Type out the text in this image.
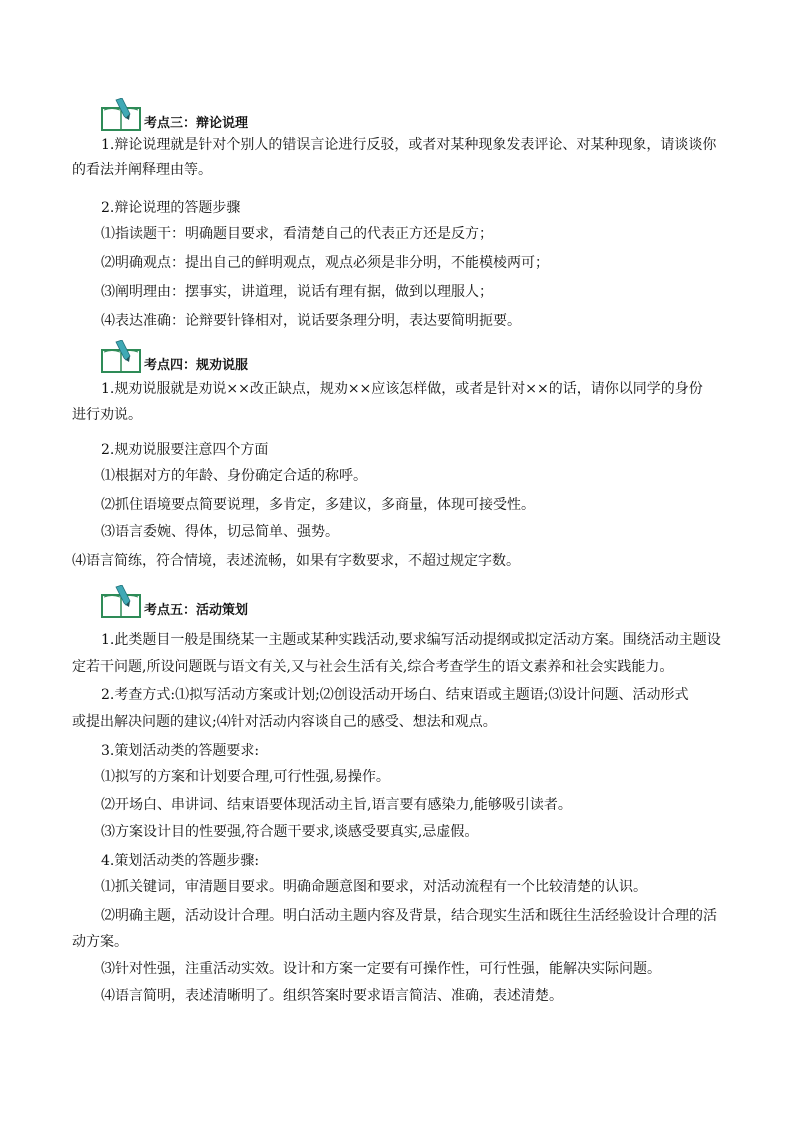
考点三：辩论说理
1.辩论说理就是针对个别人的错误言论进行反驳，或者对某种现象发表评论、对某种现象，请谈谈你
的看法并阐释理由等。
2.辩论说理的答题步骤
⑴指读题干：明确题目要求，看清楚自己的代表正方还是反方；
⑵明确观点：提出自己的鲜明观点，观点必须是非分明，不能模棱两可；
⑶阐明理由：摆事实，讲道理，说话有理有据，做到以理服人；
⑷表达准确：论辩要针锋相对，说话要条理分明，表达要简明扼要。
考点四：规劝说服
1.规劝说服就是劝说××改正缺点，规劝××应该怎样做，或者是针对××的话，请你以同学的身份
进行劝说。
2.规劝说服要注意四个方面
⑴根据对方的年龄、身份确定合适的称呼。
⑵抓住语境要点简要说理，多肯定，多建议，多商量，体现可接受性。
⑶语言委婉、得体，切忌简单、强势。
⑷语言简练，符合情境，表述流畅，如果有字数要求，不超过规定字数。
考点五：活动策划
1.此类题目一般是围绕某一主题或某种实践活动,要求编写活动提纲或拟定活动方案。围绕活动主题设
定若干问题,所设问题既与语文有关,又与社会生活有关,综合考查学生的语文素养和社会实践能力。
2.考查方式:⑴拟写活动方案或计划;⑵创设活动开场白、结束语或主题语;⑶设计问题、活动形式
或提出解决问题的建议;⑷针对活动内容谈自己的感受、想法和观点。
3.策划活动类的答题要求:
⑴拟写的方案和计划要合理,可行性强,易操作。
⑵开场白、串讲词、结束语要体现活动主旨,语言要有感染力,能够吸引读者。
⑶方案设计目的性要强,符合题干要求,谈感受要真实,忌虚假。
4.策划活动类的答题步骤:
⑴抓关键词，审清题目要求。明确命题意图和要求，对活动流程有一个比较清楚的认识。
⑵明确主题，活动设计合理。明白活动主题内容及背景，结合现实生活和既往生活经验设计合理的活
动方案。
⑶针对性强，注重活动实效。设计和方案一定要有可操作性，可行性强，能解决实际问题。
⑷语言简明，表述清晰明了。组织答案时要求语言简洁、准确，表述清楚。
